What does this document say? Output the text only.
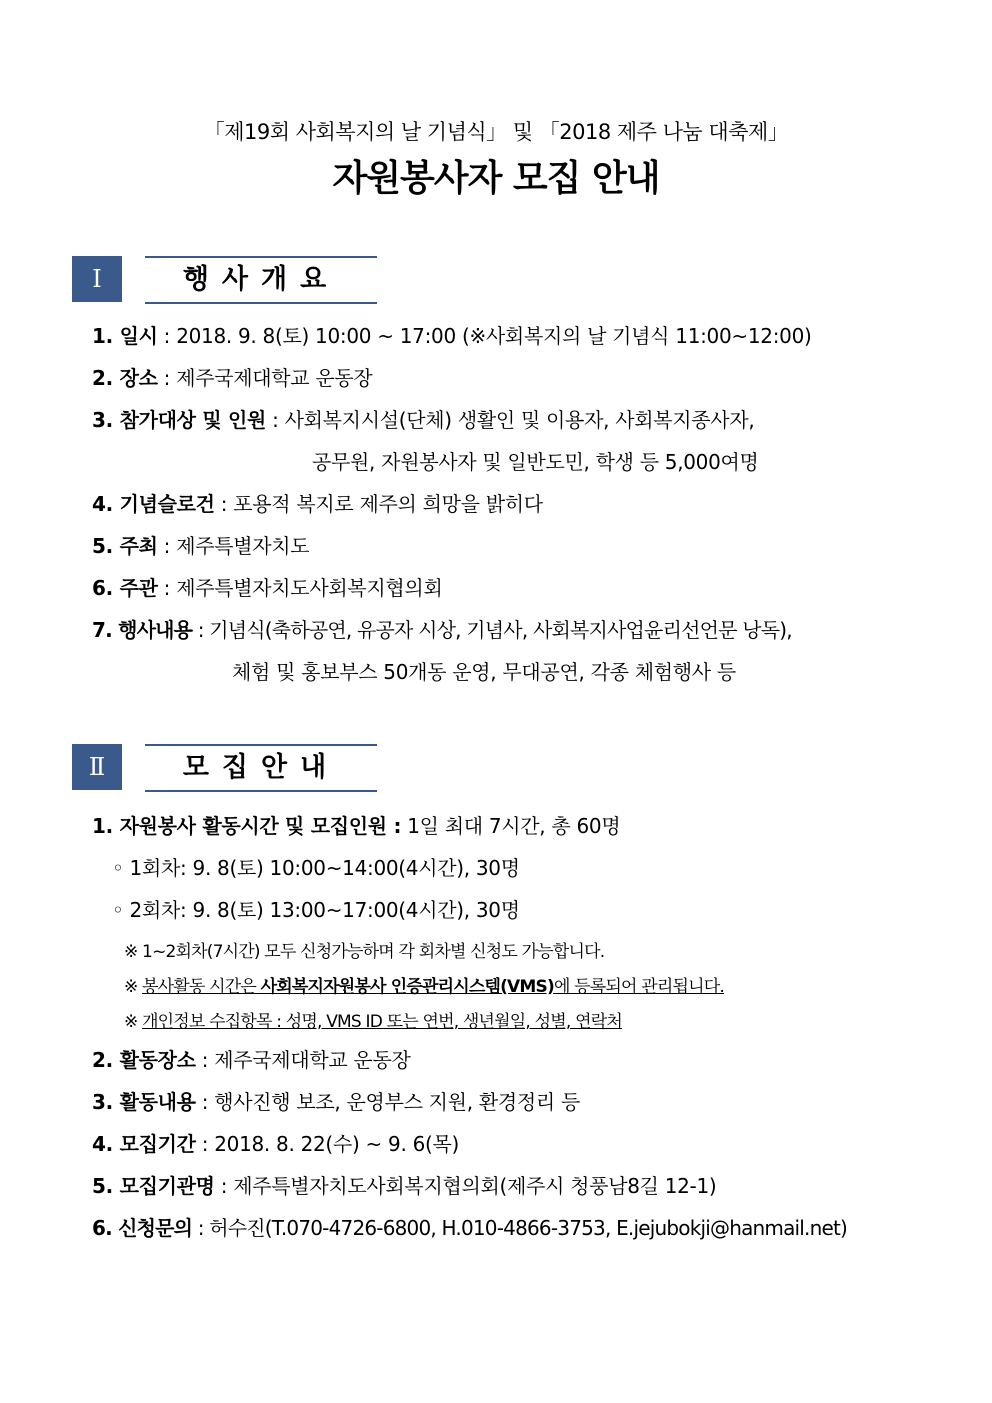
「제19회 사회복지의 날 기념식」 및 「2018 제주 나눔 대축제」
자원봉사자 모집 안내
Ⅰ	행사개요
1. 일시 : 2018. 9. 8(토) 10:00 ~ 17:00 (※사회복지의 날 기념식 11:00~12:00)
2. 장소 : 제주국제대학교 운동장
3. 참가대상 및 인원 : 사회복지시설(단체) 생활인 및 이용자, 사회복지종사자,
공무원, 자원봉사자 및 일반도민, 학생 등 5,000여명
4. 기념슬로건 : 포용적 복지로 제주의 희망을 밝히다
5. 주최 : 제주특별자치도
6. 주관 : 제주특별자치도사회복지협의회
7. 행사내용 : 기념식(축하공연, 유공자 시상, 기념사, 사회복지사업윤리선언문 낭독),
체험 및 홍보부스 50개동 운영, 무대공연, 각종 체험행사 등
Ⅱ	모집안내
1. 자원봉사 활동시간 및 모집인원 : 1일 최대 7시간, 총 60명
◦ 1회차: 9. 8(토) 10:00~14:00(4시간), 30명
◦ 2회차: 9. 8(토) 13:00~17:00(4시간), 30명
※ 1~2회차(7시간) 모두 신청가능하며 각 회차별 신청도 가능합니다.
※ 봉사활동 시간은 사회복지자원봉사 인증관리시스템(VMS)에 등록되어 관리됩니다.
※ 개인정보 수집항목 : 성명, VMS ID 또는 연번, 생년월일, 성별, 연락처
2. 활동장소 : 제주국제대학교 운동장
3. 활동내용 : 행사진행 보조, 운영부스 지원, 환경정리 등
4. 모집기간 : 2018. 8. 22(수) ~ 9. 6(목)
5. 모집기관명 : 제주특별자치도사회복지협의회(제주시 청풍남8길 12-1)
6. 신청문의 : 허수진(T.070-4726-6800, H.010-4866-3753, E.jejubokji@hanmail.net)
